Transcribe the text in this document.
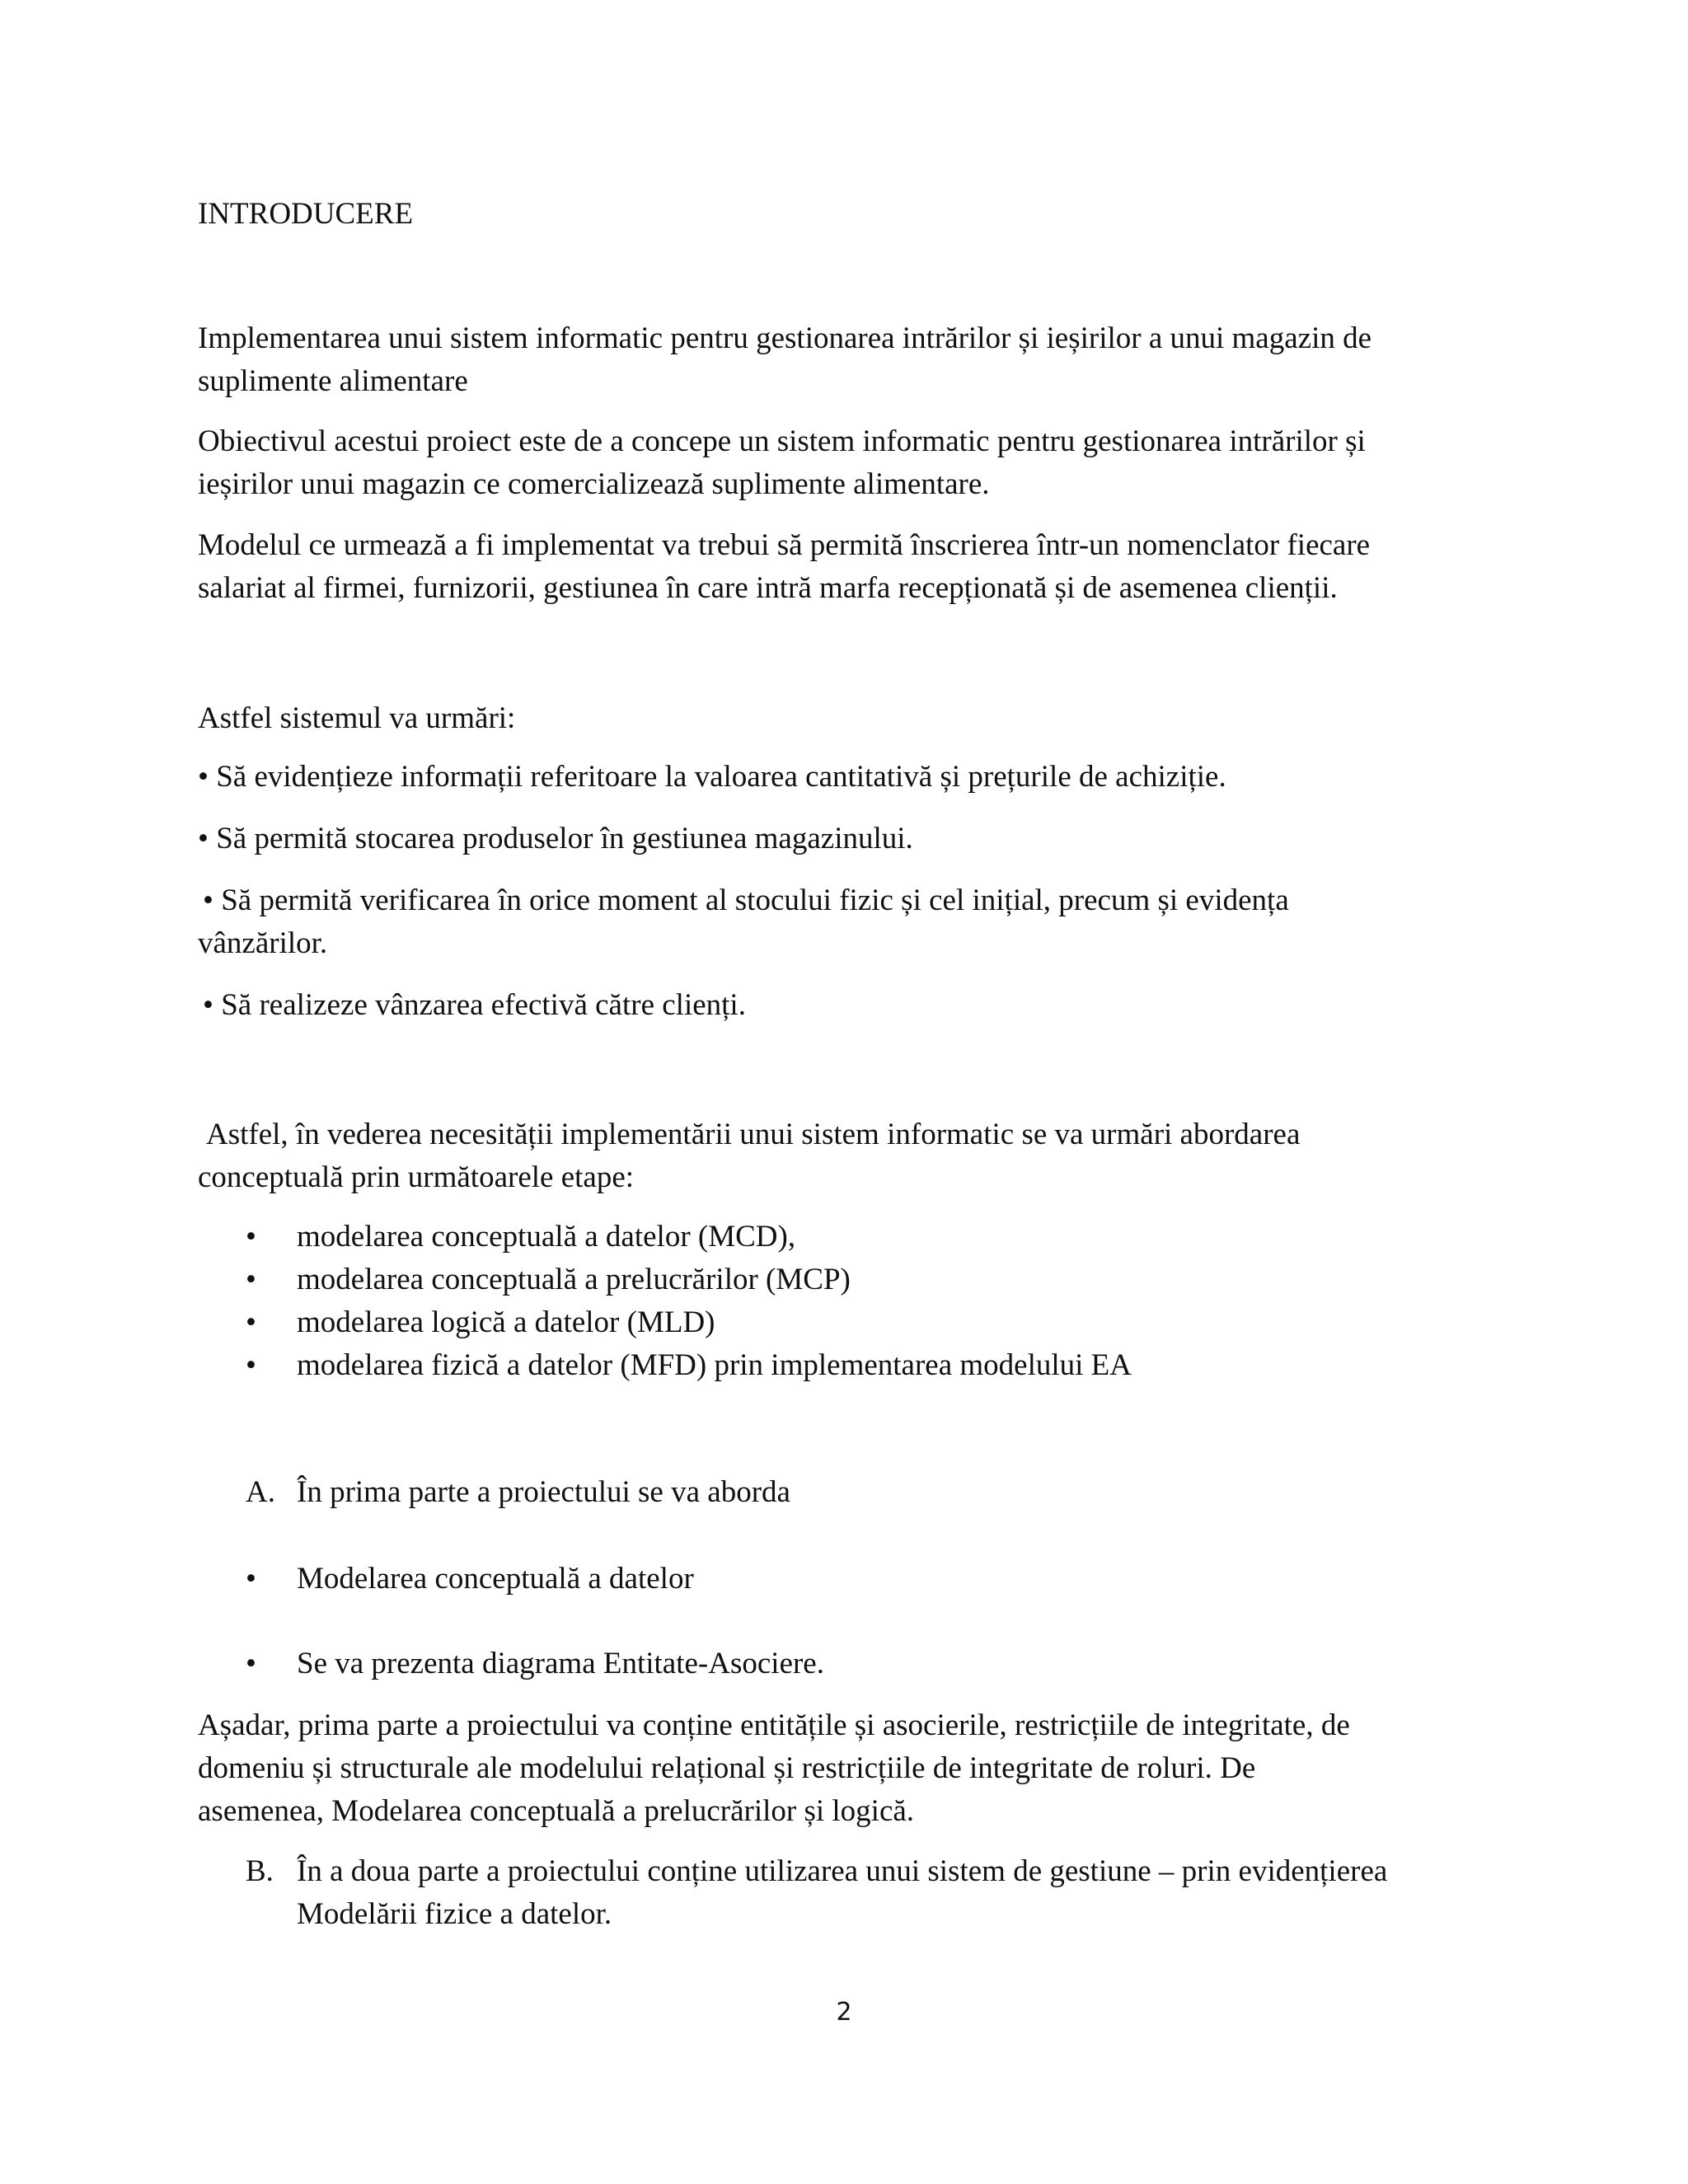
INTRODUCERE

Implementarea unui sistem informatic pentru gestionarea intrărilor și ieșirilor a unui magazin de

suplimente alimentare

Obiectivul acestui proiect este de a concepe un sistem informatic pentru gestionarea intrărilor și

ieșirilor unui magazin ce comercializează suplimente alimentare.

Modelul ce urmează a fi implementat va trebui să permită înscrierea într-un nomenclator fiecare

salariat al firmei, furnizorii, gestiunea în care intră marfa recepționată și de asemenea clienții.

Astfel sistemul va urmări:

• Să evidențieze informații referitoare la valoarea cantitativă și prețurile de achiziție.

• Să permită stocarea produselor în gestiunea magazinului.

• Să permită verificarea în orice moment al stocului fizic și cel inițial, precum și evidența

vânzărilor.

• Să realizeze vânzarea efectivă către clienți.

Astfel, în vederea necesității implementării unui sistem informatic se va urmări abordarea

conceptuală prin următoarele etape:

• modelarea conceptuală a datelor (MCD),
• modelarea conceptuală a prelucrărilor (MCP)
• modelarea logică a datelor (MLD)
• modelarea fizică a datelor (MFD) prin implementarea modelului EA
A. În prima parte a proiectului se va aborda
• Modelarea conceptuală a datelor
• Se va prezenta diagrama Entitate-Asociere.

Așadar, prima parte a proiectului va conține entitățile și asocierile, restricțiile de integritate, de

domeniu și structurale ale modelului relațional și restricțiile de integritate de roluri. De

asemenea, Modelarea conceptuală a prelucrărilor și logică.

B. În a doua parte a proiectului conține utilizarea unui sistem de gestiune – prin evidențierea

Modelării fizice a datelor.

2
